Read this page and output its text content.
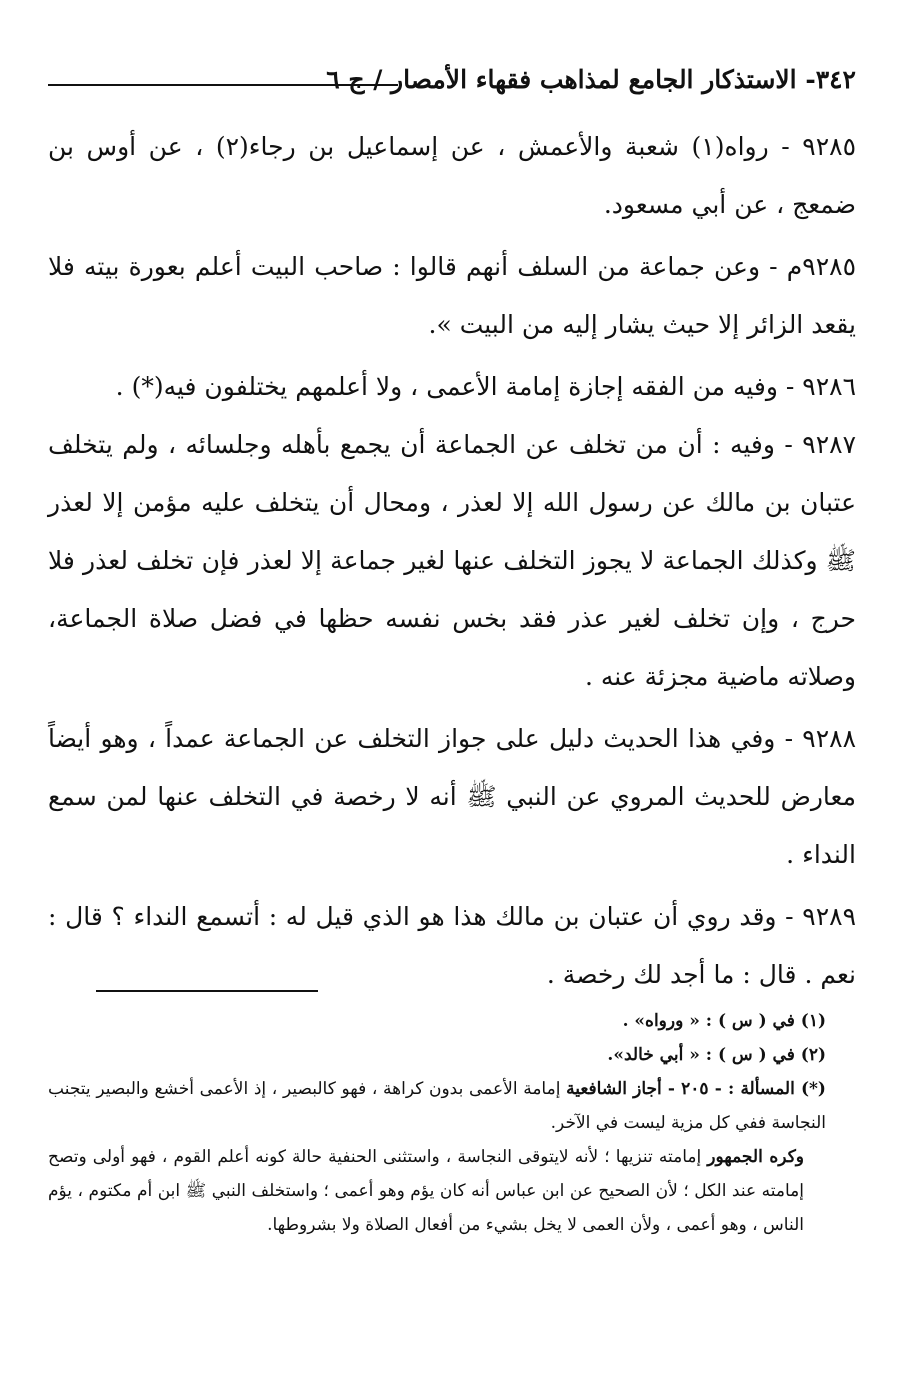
٣٤٢- الاستذكار الجامع لمذاهب فقهاء الأمصار / ج ٦

٩٢٨٥ - رواه(١) شعبة والأعمش ، عن إسماعيل بن رجاء(٢) ، عن أوس بن ضمعج ، عن أبي مسعود.

٩٢٨٥م - وعن جماعة من السلف أنهم قالوا : صاحب البيت أعلم بعورة بيته فلا يقعد الزائر إلا حيث يشار إليه من البيت ».

٩٢٨٦ - وفيه من الفقه إجازة إمامة الأعمى ، ولا أعلمهم يختلفون فيه(*) .

٩٢٨٧ - وفيه : أن من تخلف عن الجماعة أن يجمع بأهله وجلسائه ، ولم يتخلف عتبان بن مالك عن رسول الله إلا لعذر ، ومحال أن يتخلف عليه مؤمن إلا لعذر ﷺ وكذلك الجماعة لا يجوز التخلف عنها لغير جماعة إلا لعذر فإن تخلف لعذر فلا حرج ، وإن تخلف لغير عذر فقد بخس نفسه حظها في فضل صلاة الجماعة، وصلاته ماضية مجزئة عنه .

٩٢٨٨ - وفي هذا الحديث دليل على جواز التخلف عن الجماعة عمداً ، وهو أيضاً معارض للحديث المروي عن النبي ﷺ أنه لا رخصة في التخلف عنها لمن سمع النداء .

٩٢٨٩ - وقد روي أن عتبان بن مالك هذا هو الذي قيل له : أتسمع النداء ؟ قال : نعم . قال : ما أجد لك رخصة .

(١) في ( س ) : « ورواه» .

(٢) في ( س ) : « أبي خالد».

(*) المسألة : - ٢٠٥ - أجاز الشافعية إمامة الأعمى بدون كراهة ، فهو كالبصير ، إذ الأعمى أخشع والبصير يتجنب النجاسة ففي كل مزية ليست في الآخر.

وكره الجمهور إمامته تنزيها ؛ لأنه لايتوقى النجاسة ، واستثنى الحنفية حالة كونه أعلم القوم ، فهو أولى وتصح إمامته عند الكل ؛ لأن الصحيح عن ابن عباس أنه كان يؤم وهو أعمى ؛ واستخلف النبي ﷺ ابن أم مكتوم ، يؤم الناس ، وهو أعمى ، ولأن العمى لا يخل بشيء من أفعال الصلاة ولا بشروطها.
